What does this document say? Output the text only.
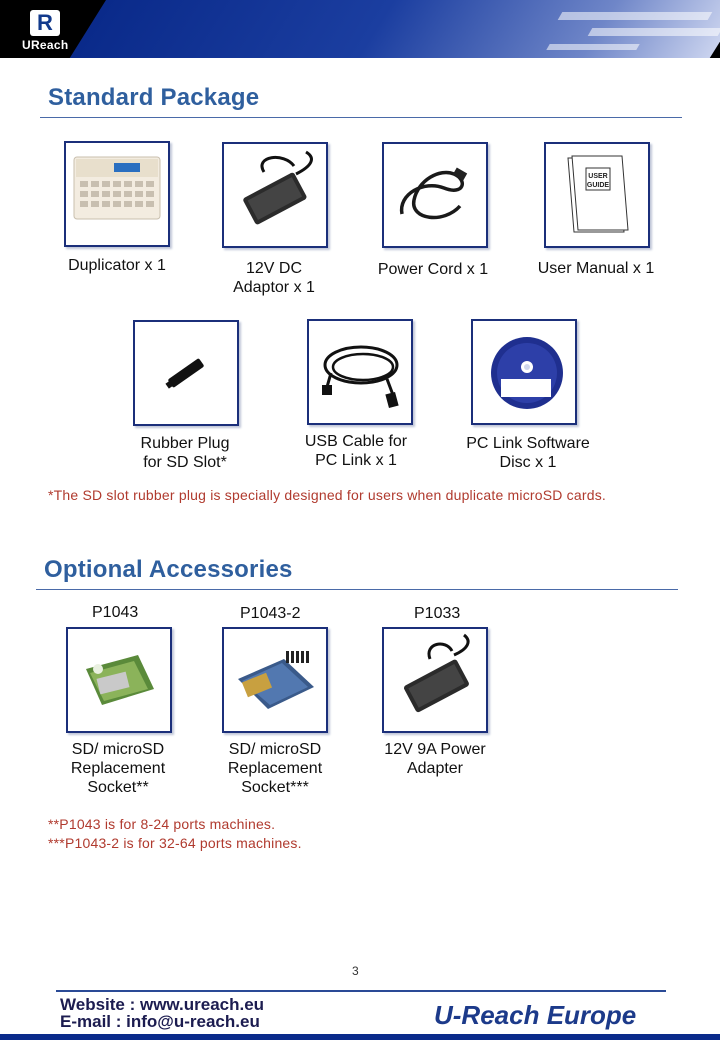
R
UReach
Standard Package
USER
GUIDE
Duplicator x 1	12V DC
Adaptor x 1
Power Cord x 1	User Manual x 1
Rubber Plug
for SD Slot*
USB Cable for
PC Link x 1
PC Link Software
Disc x 1
*The SD slot rubber plug is specially designed for users when duplicate microSD cards.
Optional Accessories
P1043	P1043-2	P1033
SD/ microSD
Replacement
Socket**
SD/ microSD
Replacement
Socket***
12V 9A Power
Adapter
**P1043 is for 8-24 ports machines.
***P1043-2 is for 32-64 ports machines.
3
Website : www.ureach.eu
E-mail : info@u-reach.eu	U-Reach Europe
